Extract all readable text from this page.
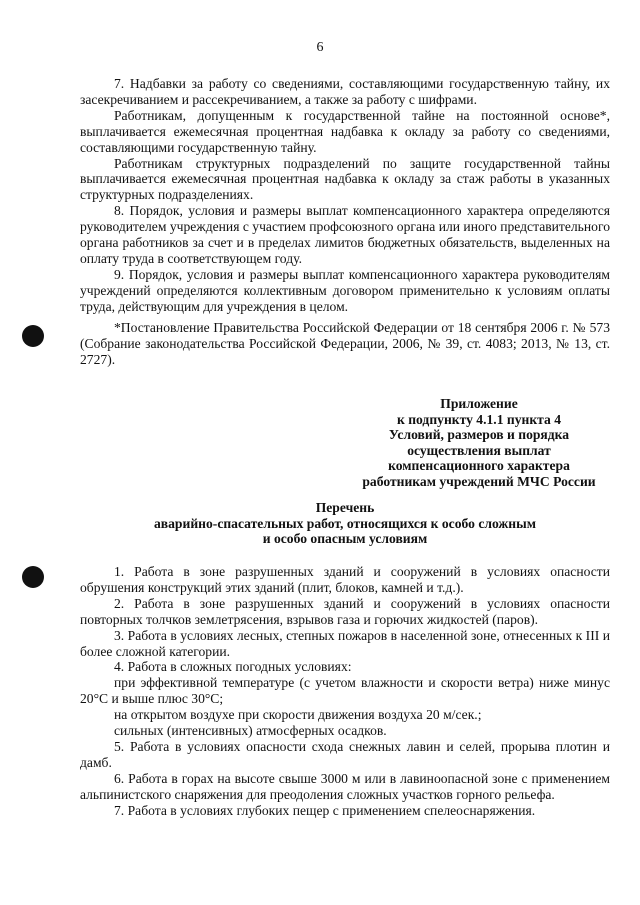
6

7. Надбавки за работу со сведениями, составляющими государственную тайну, их засекречиванием и рассекречиванием, а также за работу с шифрами.

Работникам, допущенным к государственной тайне на постоянной основе*, выплачивается ежемесячная процентная надбавка к окладу за работу со сведениями, составляющими государственную тайну.

Работникам структурных подразделений по защите государственной тайны выплачивается ежемесячная процентная надбавка к окладу за стаж работы в указанных структурных подразделениях.

8. Порядок, условия и размеры выплат компенсационного характера определяются руководителем учреждения с участием профсоюзного органа или иного представительного органа работников за счет и в пределах лимитов бюджетных обязательств, выделенных на оплату труда в соответствующем году.

9. Порядок, условия и размеры выплат компенсационного характера руководителям учреждений определяются коллективным договором применительно к условиям оплаты труда, действующим для учреждения в целом.

*Постановление Правительства Российской Федерации от 18 сентября 2006 г. № 573 (Собрание законодательства Российской Федерации, 2006, № 39, ст. 4083; 2013, № 13, ст. 2727).

Приложение
к подпункту 4.1.1 пункта 4
Условий, размеров и порядка
осуществления выплат
компенсационного характера
работникам учреждений МЧС России
Перечень
аварийно-спасательных работ, относящихся к особо сложным
и особо опасным условиям

1. Работа в зоне разрушенных зданий и сооружений в условиях опасности обрушения конструкций этих зданий (плит, блоков, камней и т.д.).

2. Работа в зоне разрушенных зданий и сооружений в условиях опасности повторных толчков землетрясения, взрывов газа и горючих жидкостей (паров).

3. Работа в условиях лесных, степных пожаров в населенной зоне, отнесенных к III и более сложной категории.

4. Работа в сложных погодных условиях:

при эффективной температуре (с учетом влажности и скорости ветра) ниже минус 20°С и выше плюс 30°С;

на открытом воздухе при скорости движения воздуха 20 м/сек.;

сильных (интенсивных) атмосферных осадков.

5. Работа в условиях опасности схода снежных лавин и селей, прорыва плотин и дамб.

6. Работа в горах на высоте свыше 3000 м или в лавиноопасной зоне с применением альпинистского снаряжения для преодоления сложных участков горного рельефа.

7. Работа в условиях глубоких пещер с применением спелеоснаряжения.
